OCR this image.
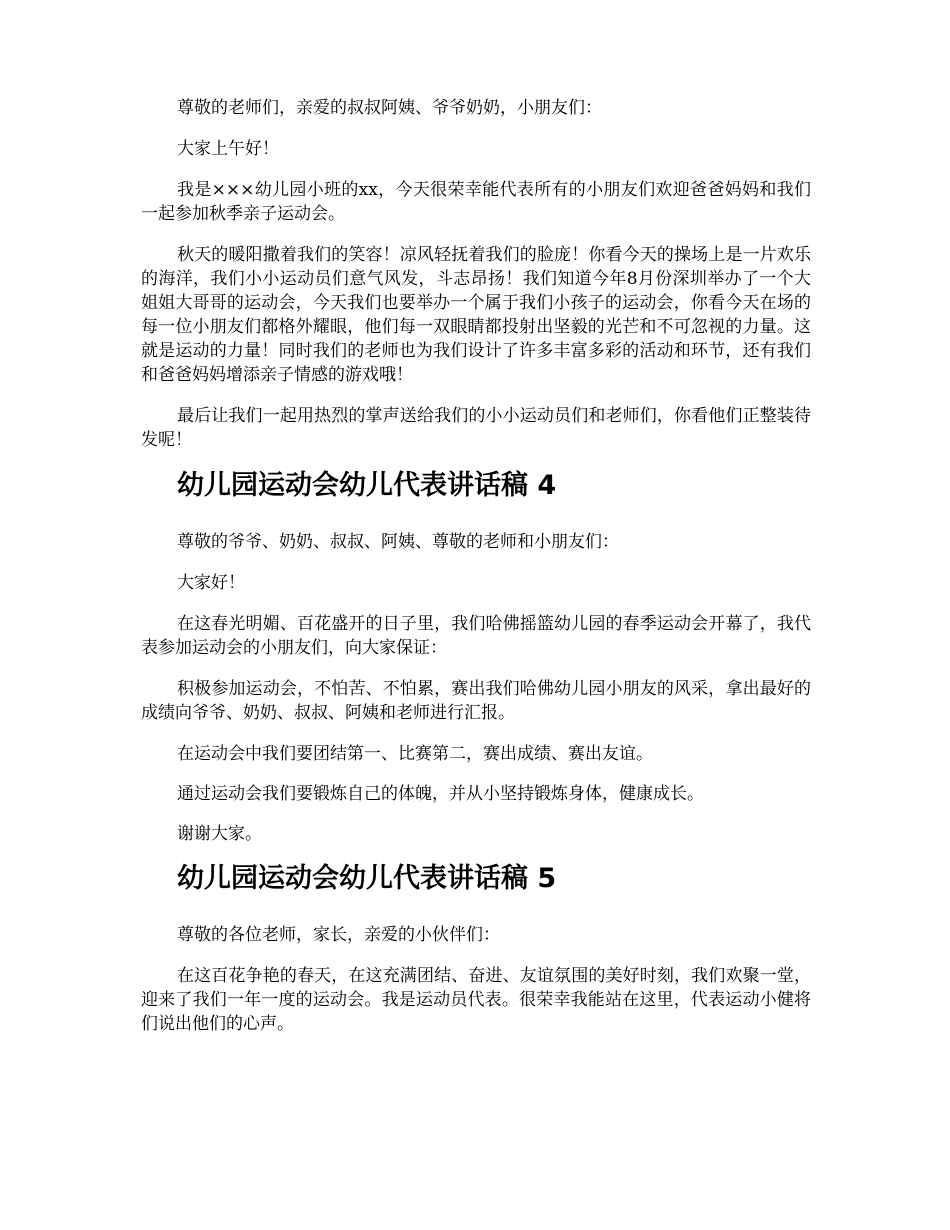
尊敬的老师们，亲爱的叔叔阿姨、爷爷奶奶，小朋友们：

大家上午好！

我是×××幼儿园小班的xx，今天很荣幸能代表所有的小朋友们欢迎爸爸妈妈和我们一起参加秋季亲子运动会。

秋天的暖阳撒着我们的笑容！凉风轻抚着我们的脸庞！你看今天的操场上是一片欢乐的海洋，我们小小运动员们意气风发，斗志昂扬！我们知道今年8月份深圳举办了一个大姐姐大哥哥的运动会，今天我们也要举办一个属于我们小孩子的运动会，你看今天在场的每一位小朋友们都格外耀眼，他们每一双眼睛都投射出坚毅的光芒和不可忽视的力量。这就是运动的力量！同时我们的老师也为我们设计了许多丰富多彩的活动和环节，还有我们和爸爸妈妈增添亲子情感的游戏哦！

最后让我们一起用热烈的掌声送给我们的小小运动员们和老师们，你看他们正整装待发呢！

幼儿园运动会幼儿代表讲话稿 4

尊敬的爷爷、奶奶、叔叔、阿姨、尊敬的老师和小朋友们：

大家好！

在这春光明媚、百花盛开的日子里，我们哈佛摇篮幼儿园的春季运动会开幕了，我代表参加运动会的小朋友们，向大家保证：

积极参加运动会，不怕苦、不怕累，赛出我们哈佛幼儿园小朋友的风采，拿出最好的成绩向爷爷、奶奶、叔叔、阿姨和老师进行汇报。

在运动会中我们要团结第一、比赛第二，赛出成绩、赛出友谊。

通过运动会我们要锻炼自己的体魄，并从小坚持锻炼身体，健康成长。

谢谢大家。

幼儿园运动会幼儿代表讲话稿 5

尊敬的各位老师，家长，亲爱的小伙伴们：

在这百花争艳的春天，在这充满团结、奋进、友谊氛围的美好时刻，我们欢聚一堂，迎来了我们一年一度的运动会。我是运动员代表。很荣幸我能站在这里，代表运动小健将们说出他们的心声。
